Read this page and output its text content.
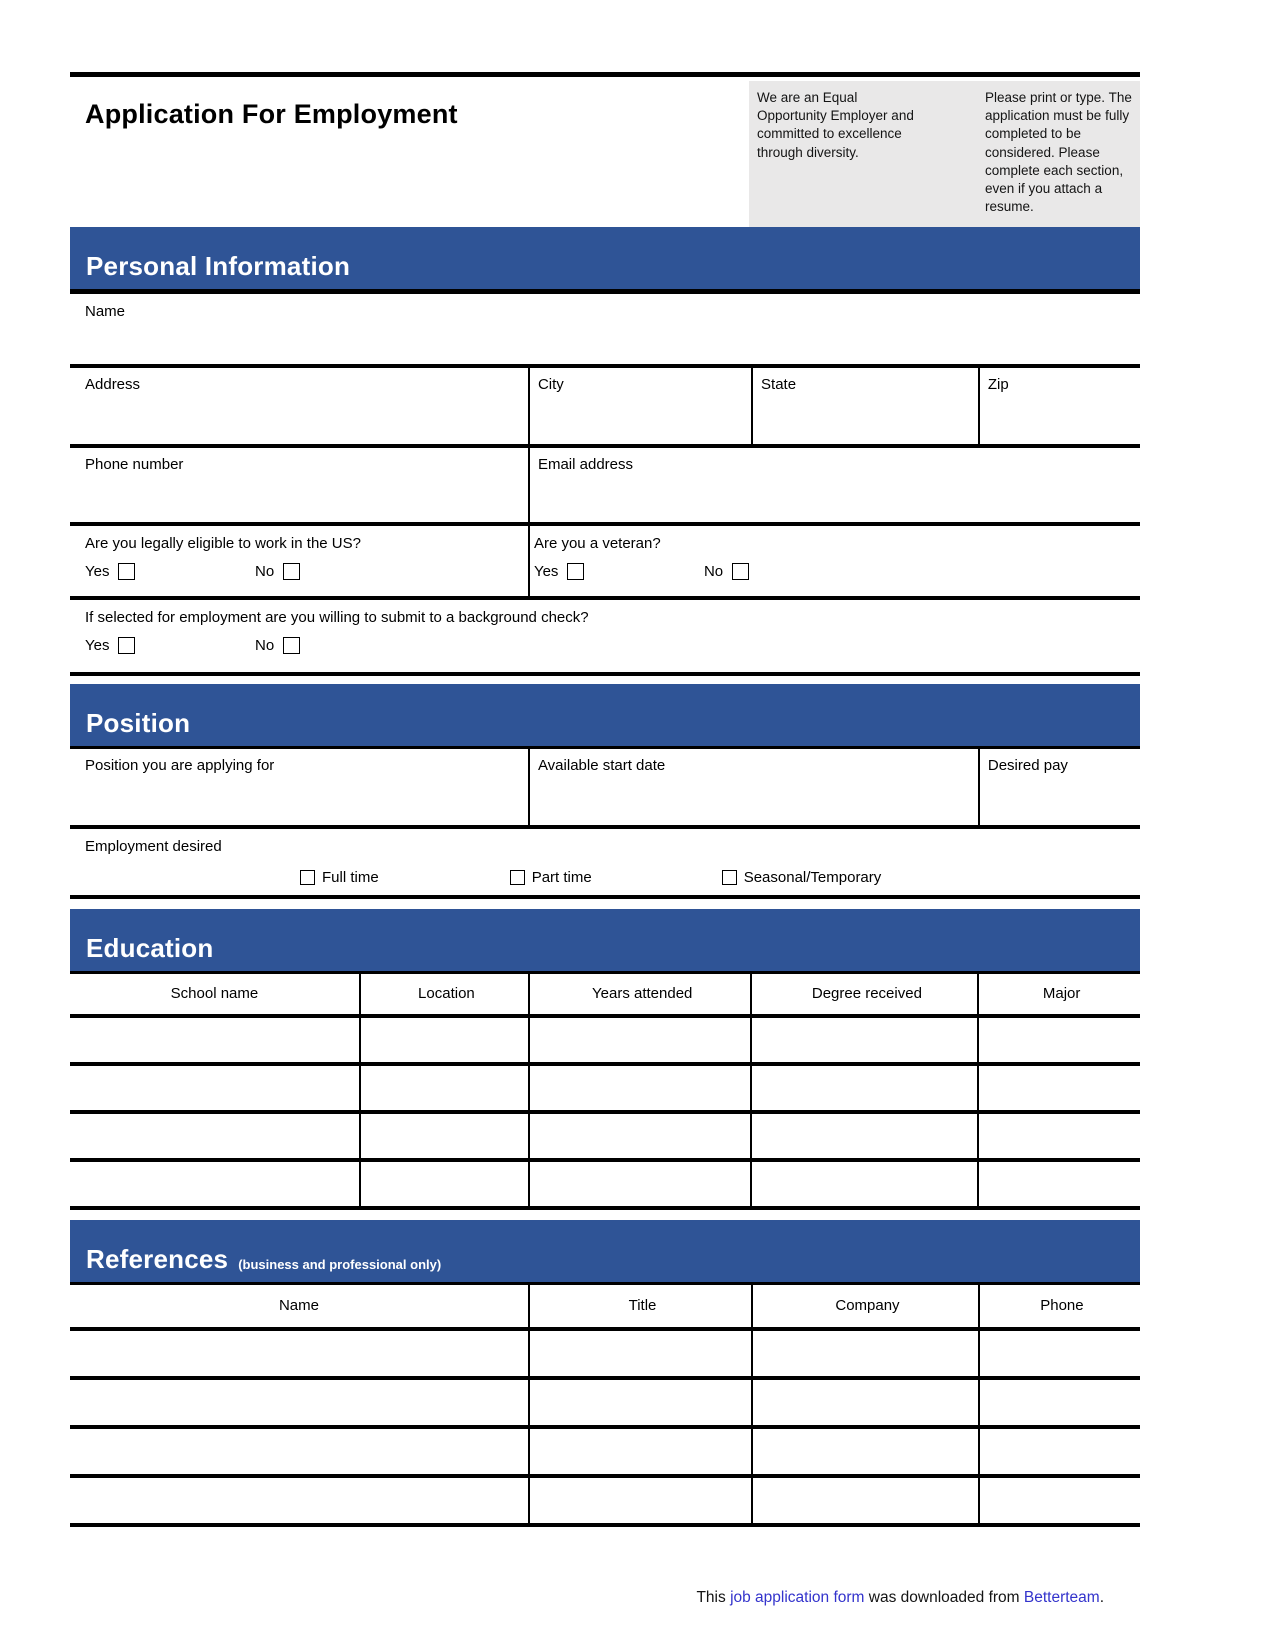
Application For Employment
We are an Equal Opportunity Employer and committed to excellence through diversity.
Please print or type. The application must be fully completed to be considered. Please complete each section, even if you attach a resume.
Personal Information
Name
Address	City	State	Zip
Phone number	Email address
Are you legally eligible to work in the US?
Yes	No
Are you a veteran?
Yes	No
If selected for employment are you willing to submit to a background check?
Yes	No
Position
Position you are applying for	Available start date	Desired pay
Employment desired
Full time	Part time	Seasonal/Temporary
Education
School name	Location	Years attended	Degree received	Major
References (business and professional only)
Name	Title	Company	Phone
This job application form was downloaded from Betterteam.
